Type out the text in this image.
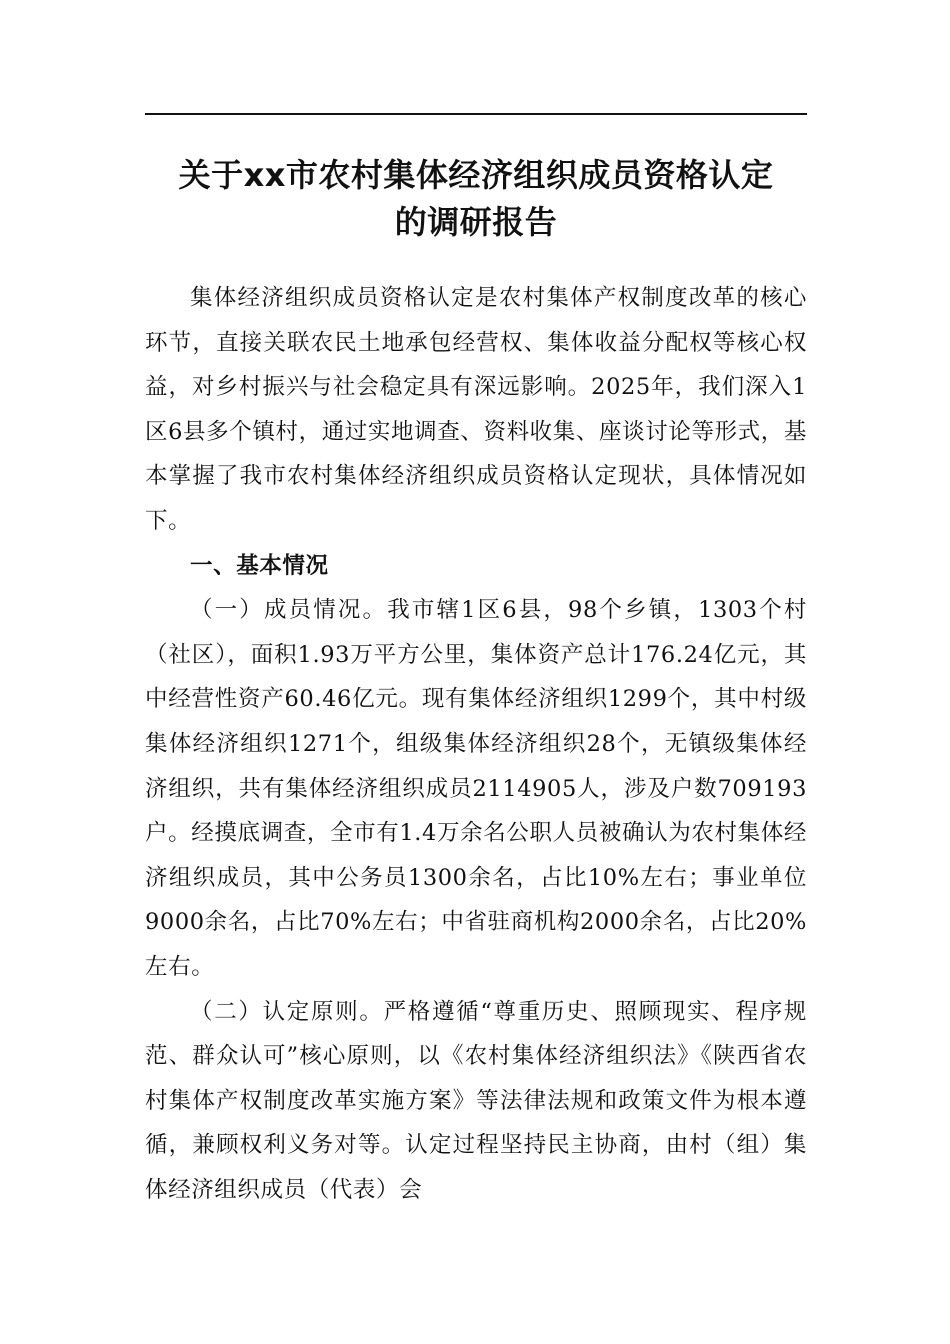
关于xx市农村集体经济组织成员资格认定
的调研报告

集体经济组织成员资格认定是农村集体产权制度改革的核心环节，直接关联农民土地承包经营权、集体收益分配权等核心权益，对乡村振兴与社会稳定具有深远影响。2025年，我们深入1区6县多个镇村，通过实地调查、资料收集、座谈讨论等形式，基本掌握了我市农村集体经济组织成员资格认定现状，具体情况如下。

一、基本情况

（一）成员情况。我市辖1区6县，98个乡镇，1303个村（社区），面积1.93万平方公里，集体资产总计176.24亿元，其中经营性资产60.46亿元。现有集体经济组织1299个，其中村级集体经济组织1271个，组级集体经济组织28个，无镇级集体经济组织，共有集体经济组织成员2114905人，涉及户数709193户。经摸底调查，全市有1.4万余名公职人员被确认为农村集体经济组织成员，其中公务员1300余名，占比10%左右；事业单位9000余名，占比70%左右；中省驻商机构2000余名，占比20%左右。

（二）认定原则。严格遵循“尊重历史、照顾现实、程序规范、群众认可”核心原则，以《农村集体经济组织法》《陕西省农村集体产权制度改革实施方案》等法律法规和政策文件为根本遵循，兼顾权利义务对等。认定过程坚持民主协商，由村（组）集体经济组织成员（代表）会
